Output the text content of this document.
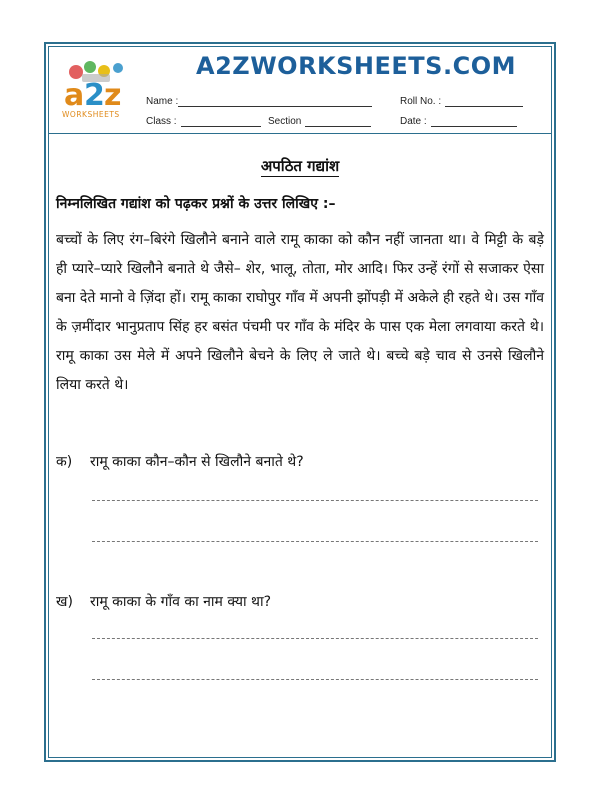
a 2 z
WORKSHEETS
A2ZWORKSHEETS.COM
Name :	Roll No. :
Class :	Section	Date :
अपठित गद्यांश
निम्नलिखित गद्यांश को पढ़कर प्रश्नों के उत्तर लिखिए :–
बच्चों के लिए रंग–बिरंगे खिलौने बनाने वाले रामू काका को कौन नहीं जानता था। वे मिट्टी के बड़े ही प्यारे–प्यारे खिलौने बनाते थे जैसे– शेर, भालू, तोता, मोर आदि। फिर उन्हें रंगों से सजाकर ऐसा बना देते मानो वे ज़िंदा हों। रामू काका राघोपुर गाँव में अपनी झोंपड़ी में अकेले ही रहते थे। उस गाँव के ज़मींदार भानुप्रताप सिंह हर बसंत पंचमी पर गाँव के मंदिर के पास एक मेला लगवाया करते थे। रामू काका उस मेले में अपने खिलौने बेचने के लिए ले जाते थे। बच्चे बड़े चाव से उनसे खिलौने लिया करते थे।
क) रामू काका कौन–कौन से खिलौने बनाते थे?
ख) रामू काका के गाँव का नाम क्या था?
